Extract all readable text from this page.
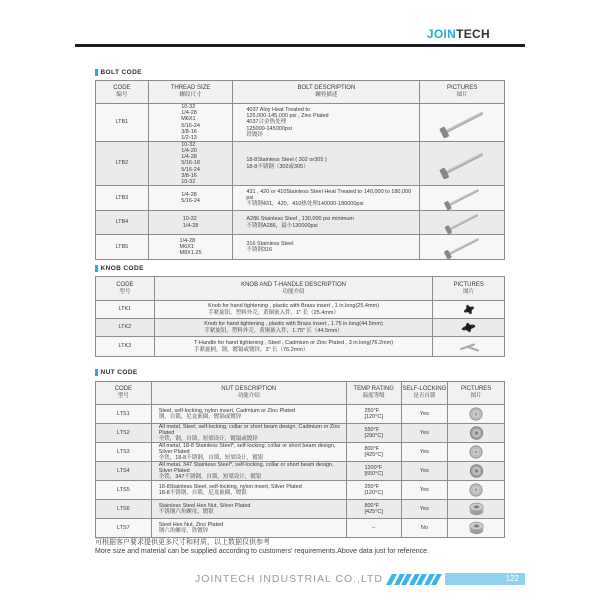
JOINTECH
BOLT CODE
CODE
编号
THREAD SIZE
螺纹尺寸
BOLT DESCRIPTION
螺栓描述
PICTURES
图片
LTB1
10-32
1/4-28
M6X1
5/16-24
3/8-16
1/2-13
4037 Aloy Heat Treated to
125,000-145,000 psi , Zinc Plated
4037合金热处理
125000-145000psi
铁镀锌
LTB2
10-32
1/4-20
1/4-28
5/16-18
5/16-24
3/8-16
10-32
18-8Stainless Steel ( 302 or305 )
18-8不锈钢（302或305）
LTB3
1/4-28
5/16-24
431 , 420 or 410Stainless Steel Heat Treated to 140,000 to 180,000 psi
不锈钢431，420，410热处理140000-180000psi
LTB4
10-32
1/4-28
A286 Stainless Steel , 130,000 psi minimum
不锈钢A286，最小130000psi
LTB5
1/4-28
M6X1
M8X1.25
316 Stainless Steel
不锈钢316
KNOB CODE
CODE
型号
KNOB AND T-HANDLE DESCRIPTION
功能介绍
PICTURES
图片
LTK1
Knob for hand tightening , plastic with Brass insert , 1 in.long(25.4mm)
手紧旋钮，塑料外壳，黄铜嵌入件，1" 长（25.4mm）
LTK2
Knob for hand tightening , plastic with Brass insert , 1.75 in.long(44.5mm)
手紧旋钮，塑料外壳，黄铜嵌入件，1.75" 长（44.5mm）
LTK3
T-Handle for hand tightening , Steel , Cadmium or Zinc Plated , 3 in.long(76.2mm)
手紧旋柄，钢，镀镉或镀锌，3" 长（76.2mm）
NUT CODE
CODE
型号
NUT DESCRIPTION
功能介绍
TEMP RATING
温度等级
SELF-LOCKING
是否自锁
PICTURES
图片
LTS1
Steel, self-locking, nylon insert, Cadmium or Zinc Plated
钢，自锁，尼龙嵌圈，镀镉或镀锌
250°F
[120°C]
Yes
LTS2
All metal, Steel, self-locking, collar or short beam design, Cadmium or Zinc Plated
全铁，钢，自锁，短梁设计，镀镉或镀锌
550°F
[290°C]
Yes
LTS3
All metal, 18-8 Stainless Steel*, self-locking, collar or short beam design, Silver Plated
全铁，18-8不锈钢，自锁，短梁设计，镀银
800°F
[425°C]
Yes
LTS4
All metal, 347 Stainless Steel*, self-locking, collar or short beam design, Silver Plated
全铁，347不锈钢，自锁，短梁设计，镀银
1200°F
[650°C]
Yes
LTS5
18-8Stainless Steel, self-locking, nylon insert, Silver Plated
18-8不锈钢，自锁，尼龙嵌圈，镀银
250°F
[120°C]
Yes
LTS6
Stainless Steel Hex Nut, Silver Plated
不锈钢六角螺母，镀银
800°F
[425°C]
Yes
LTS7
Steel Hex Nut, Zinc Plated
钢六角螺母，铁镀锌
--	No
可根据客户要求提供更多尺寸和材质，以上数据仅供参考
More size and material can be supplied according to customers' requirements.Above data just for reference.
JOINTECH INDUSTRIAL CO.,LTD	122
